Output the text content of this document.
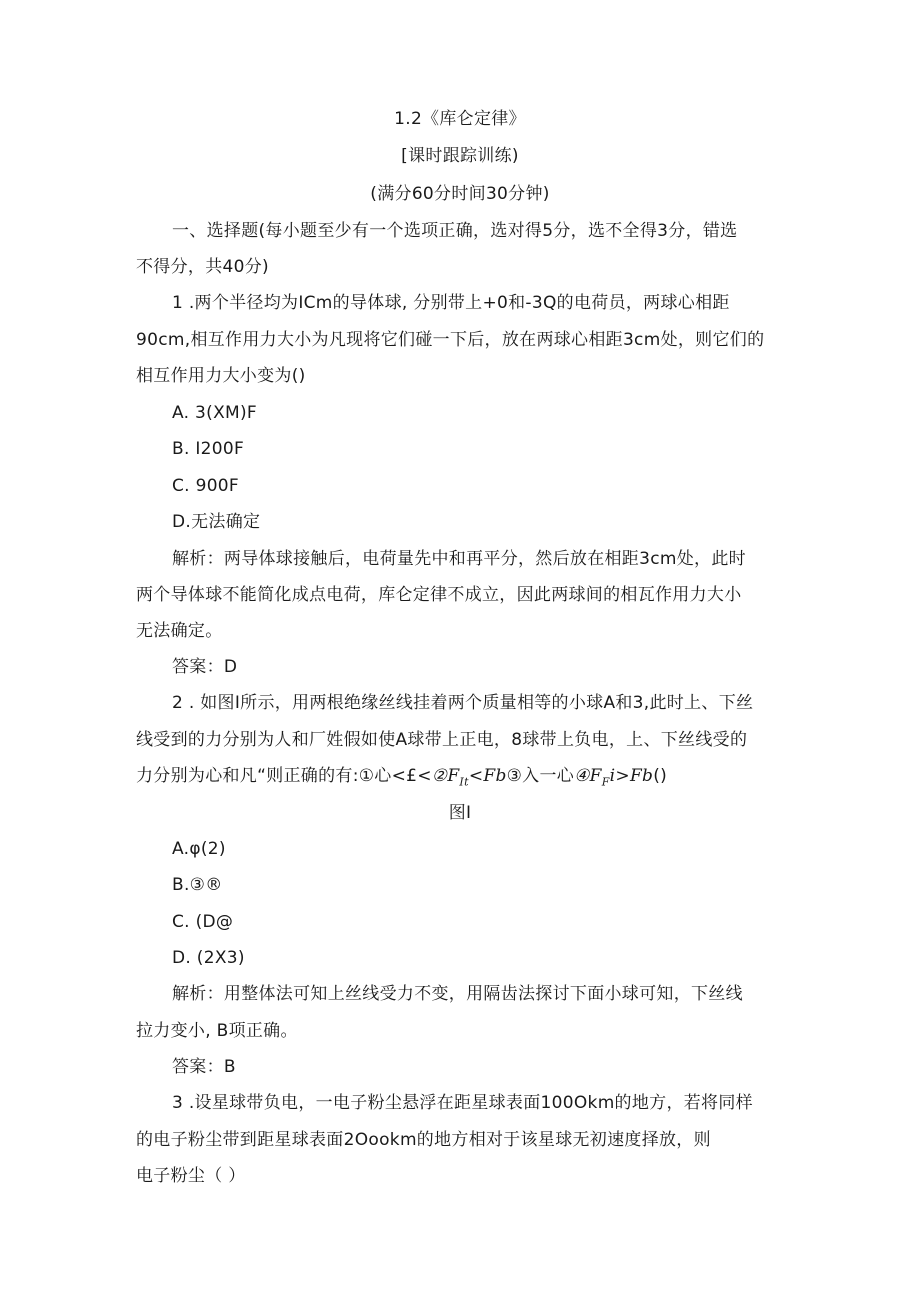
1.2《库仑定律》
[课时跟踪训练)
(满分60分时间30分钟)
一、选择题(每小题至少有一个选项正确，选对得5分，选不全得3分，错选
不得分，共40分)
1 .两个半径均为ICm的导体球, 分别带上+0和-3Q的电荷员，两球心相距
90cm,相互作用力大小为凡现将它们碰一下后，放在两球心相距3cm处，则它们的
相互作用力大小变为()
A. 3(XM)F
B. I200F
C. 900F
D.无法确定
解析：两导体球接触后，电荷量先中和再平分，然后放在相距3cm处，此时
两个导体球不能简化成点电荷，库仑定律不成立，因此两球间的相瓦作用力大小
无法确定。
答案：D
2 . 如图I所示，用两根绝缘丝线挂着两个质量相等的小球A和3,此时上、下丝
线受到的力分别为人和厂姓假如使A球带上正电，8球带上负电，上、下丝线受的
力分别为心和凡“则正确的有:①心$<£<②F_{It}<Fb③$入一心$④F_Fi>Fb()$
图I
A.φ(2)
B.③®
C. (D@
D. (2X3)
解析：用整体法可知上丝线受力不变，用隔齿法探讨下面小球可知，下丝线
拉力变小, B项正确。
答案：B
3 .设星球带负电，一电子粉尘悬浮在距星球表面100Okm的地方，若将同样
的电子粉尘带到距星球表面2Oookm的地方相对于该星球无初速度择放，则
电子粉尘（ ）
